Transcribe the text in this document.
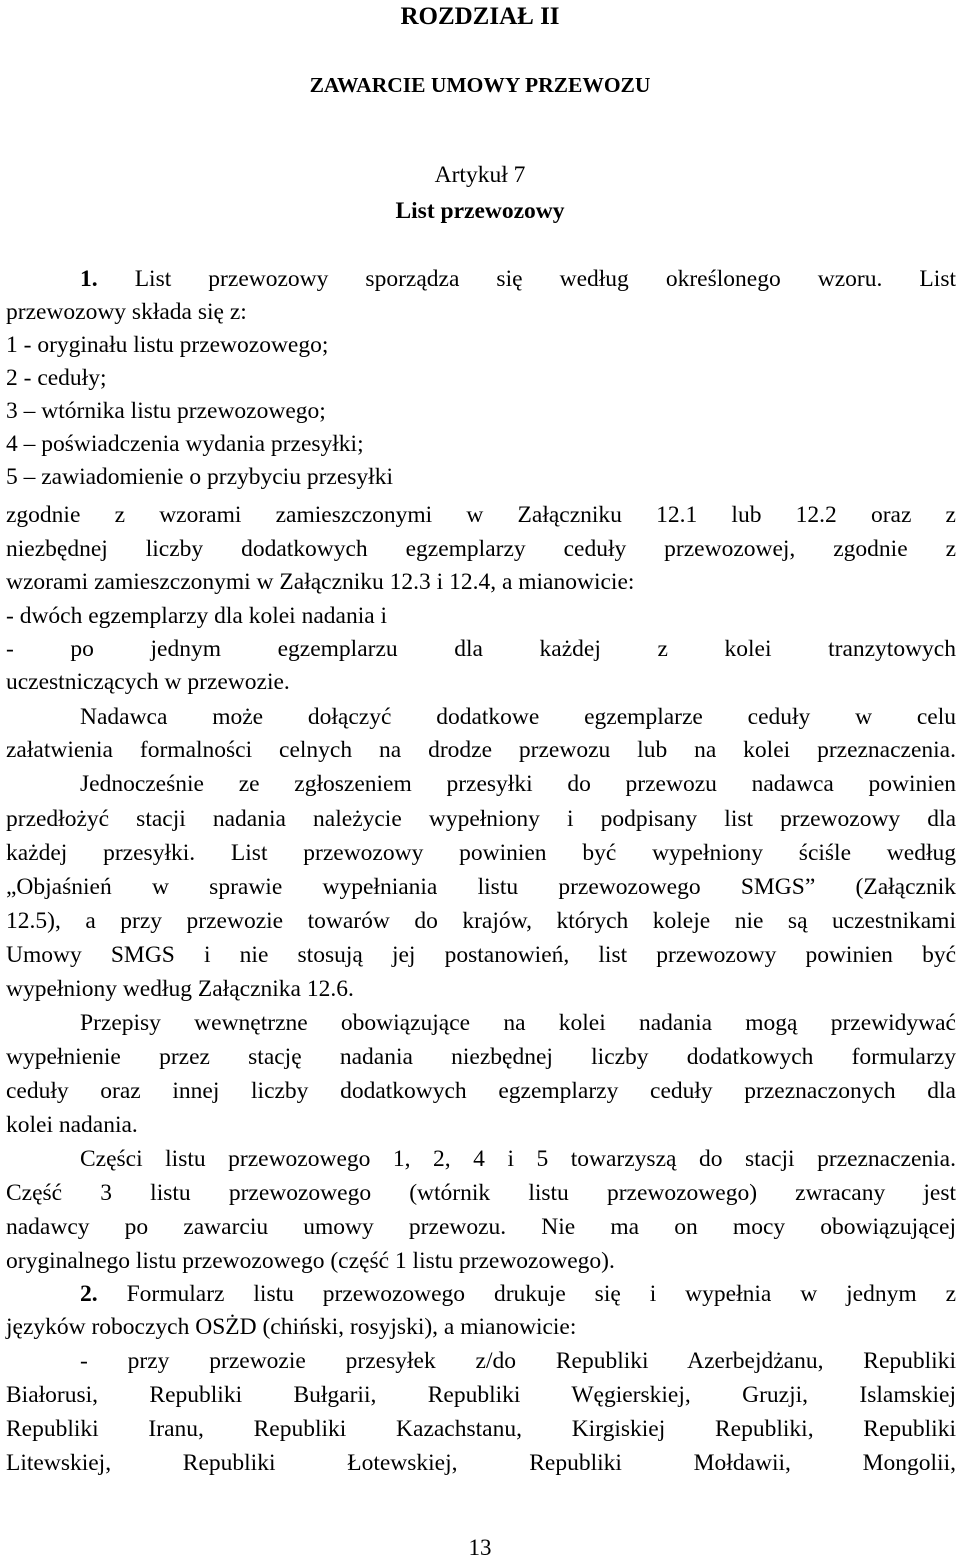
ROZDZIAŁ II
ZAWARCIE UMOWY PRZEWOZU
Artykuł 7
List przewozowy
1. List przewozowy sporządza się według określonego wzoru. List
przewozowy składa się z:
1 - oryginału listu przewozowego;
2 - ceduły;
3 – wtórnika listu przewozowego;
4 – poświadczenia wydania przesyłki;
5 – zawiadomienie o przybyciu przesyłki
zgodnie z wzorami zamieszczonymi w Załączniku 12.1 lub 12.2 oraz z
niezbędnej liczby dodatkowych egzemplarzy ceduły przewozowej, zgodnie z
wzorami zamieszczonymi w Załączniku 12.3 i 12.4, a mianowicie:
- dwóch egzemplarzy dla kolei nadania i
- po jednym egzemplarzu dla każdej z kolei tranzytowych
uczestniczących w przewozie.
Nadawca może dołączyć dodatkowe egzemplarze ceduły w celu
załatwienia formalności celnych na drodze przewozu lub na kolei przeznaczenia.
Jednocześnie ze zgłoszeniem przesyłki do przewozu nadawca powinien
przedłożyć stacji nadania należycie wypełniony i podpisany list przewozowy dla
każdej przesyłki. List przewozowy powinien być wypełniony ściśle według
„Objaśnień w sprawie wypełniania listu przewozowego SMGS” (Załącznik
12.5), a przy przewozie towarów do krajów, których koleje nie są uczestnikami
Umowy SMGS i nie stosują jej postanowień, list przewozowy powinien być
wypełniony według Załącznika 12.6.
Przepisy wewnętrzne obowiązujące na kolei nadania mogą przewidywać
wypełnienie przez stację nadania niezbędnej liczby dodatkowych formularzy
ceduły oraz innej liczby dodatkowych egzemplarzy ceduły przeznaczonych dla
kolei nadania.
Części listu przewozowego 1, 2, 4 i 5 towarzyszą do stacji przeznaczenia.
Część 3 listu przewozowego (wtórnik listu przewozowego) zwracany jest
nadawcy po zawarciu umowy przewozu. Nie ma on mocy obowiązującej
oryginalnego listu przewozowego (część 1 listu przewozowego).
2. Formularz listu przewozowego drukuje się i wypełnia w jednym z
języków roboczych OSŻD (chiński, rosyjski), a mianowicie:
- przy przewozie przesyłek z/do Republiki Azerbejdżanu, Republiki
Białorusi, Republiki Bułgarii, Republiki Węgierskiej, Gruzji, Islamskiej
Republiki Iranu, Republiki Kazachstanu, Kirgiskiej Republiki, Republiki
Litewskiej, Republiki Łotewskiej, Republiki Mołdawii, Mongolii,
13
